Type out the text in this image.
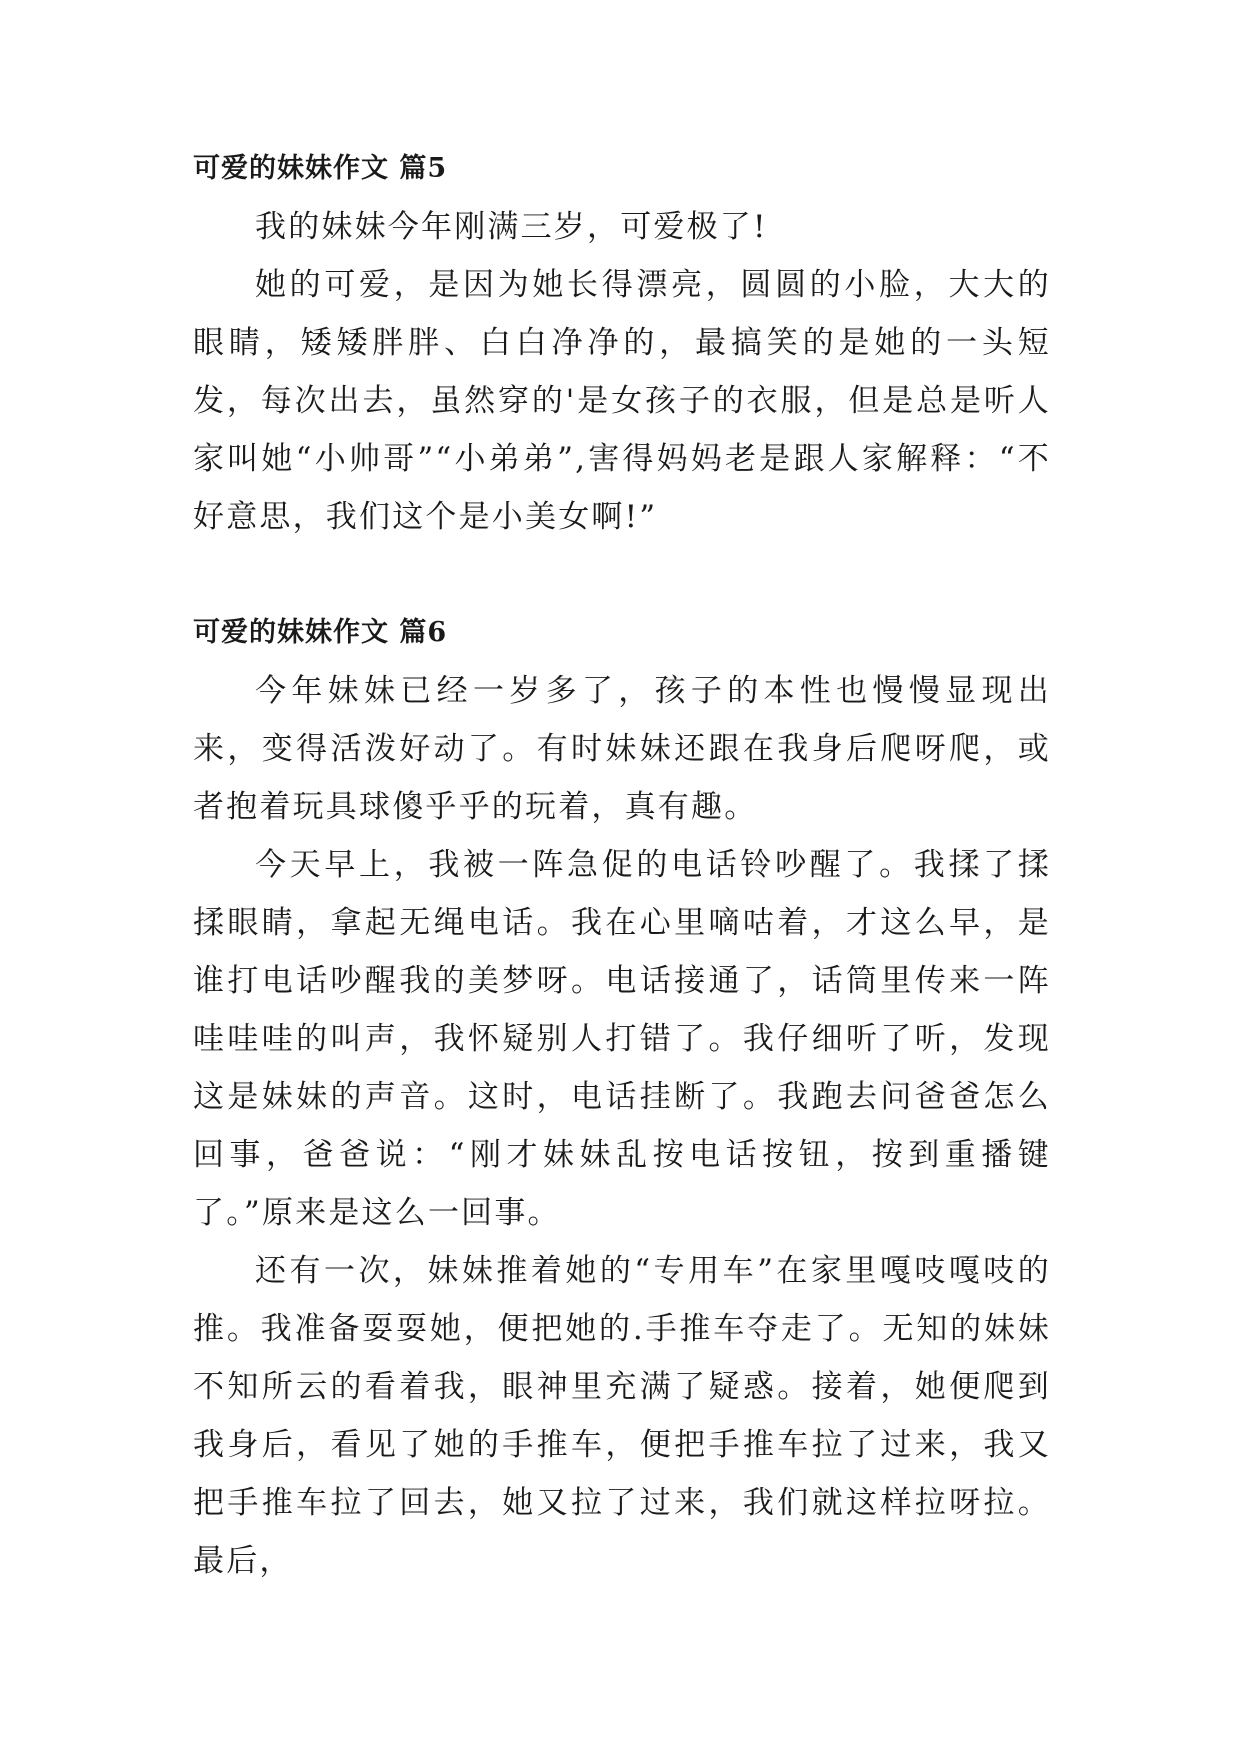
可爱的妹妹作文 篇5

我的妹妹今年刚满三岁，可爱极了!

她的可爱，是因为她长得漂亮，圆圆的小脸，大大的眼睛，矮矮胖胖、白白净净的，最搞笑的是她的一头短发，每次出去，虽然穿的'是女孩子的衣服，但是总是听人家叫她“小帅哥”“小弟弟”,害得妈妈老是跟人家解释：“不好意思，我们这个是小美女啊!”

可爱的妹妹作文 篇6

今年妹妹已经一岁多了，孩子的本性也慢慢显现出来，变得活泼好动了。有时妹妹还跟在我身后爬呀爬，或者抱着玩具球傻乎乎的玩着，真有趣。

今天早上，我被一阵急促的电话铃吵醒了。我揉了揉揉眼睛，拿起无绳电话。我在心里嘀咕着，才这么早，是谁打电话吵醒我的美梦呀。电话接通了，话筒里传来一阵哇哇哇的叫声，我怀疑别人打错了。我仔细听了听，发现这是妹妹的声音。这时，电话挂断了。我跑去问爸爸怎么回事，爸爸说：“刚才妹妹乱按电话按钮，按到重播键了。”原来是这么一回事。

还有一次，妹妹推着她的“专用车”在家里嘎吱嘎吱的推。我准备耍耍她，便把她的.手推车夺走了。无知的妹妹不知所云的看着我，眼神里充满了疑惑。接着，她便爬到我身后，看见了她的手推车，便把手推车拉了过来，我又把手推车拉了回去，她又拉了过来，我们就这样拉呀拉。最后，
